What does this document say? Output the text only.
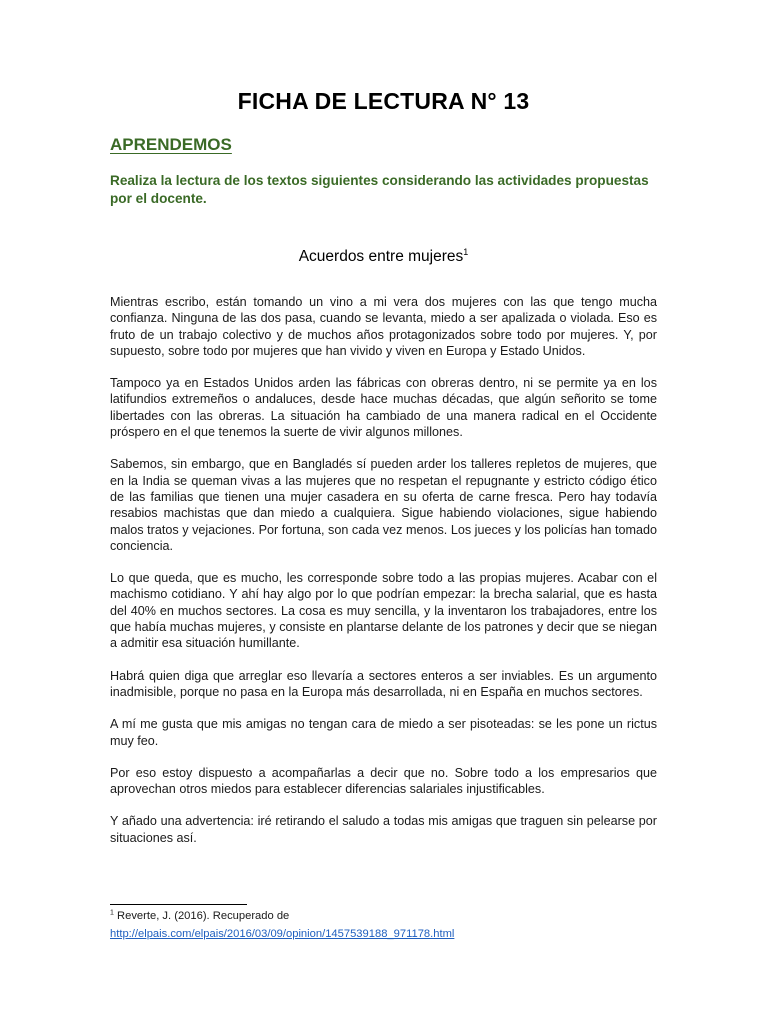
FICHA DE LECTURA N° 13
APRENDEMOS
Realiza la lectura de los textos siguientes considerando las actividades propuestas por el docente.
Acuerdos entre mujeres$^1$

Mientras escribo, están tomando un vino a mi vera dos mujeres con las que tengo mucha confianza. Ninguna de las dos pasa, cuando se levanta, miedo a ser apalizada o violada. Eso es fruto de un trabajo colectivo y de muchos años protagonizados sobre todo por mujeres. Y, por supuesto, sobre todo por mujeres que han vivido y viven en Europa y Estado Unidos.

Tampoco ya en Estados Unidos arden las fábricas con obreras dentro, ni se permite ya en los latifundios extremeños o andaluces, desde hace muchas décadas, que algún señorito se tome libertades con las obreras. La situación ha cambiado de una manera radical en el Occidente próspero en el que tenemos la suerte de vivir algunos millones.

Sabemos, sin embargo, que en Bangladés sí pueden arder los talleres repletos de mujeres, que en la India se queman vivas a las mujeres que no respetan el repugnante y estricto código ético de las familias que tienen una mujer casadera en su oferta de carne fresca. Pero hay todavía resabios machistas que dan miedo a cualquiera. Sigue habiendo violaciones, sigue habiendo malos tratos y vejaciones. Por fortuna, son cada vez menos. Los jueces y los policías han tomado conciencia.

Lo que queda, que es mucho, les corresponde sobre todo a las propias mujeres. Acabar con el machismo cotidiano. Y ahí hay algo por lo que podrían empezar: la brecha salarial, que es hasta del 40% en muchos sectores. La cosa es muy sencilla, y la inventaron los trabajadores, entre los que había muchas mujeres, y consiste en plantarse delante de los patrones y decir que se niegan a admitir esa situación humillante.

Habrá quien diga que arreglar eso llevaría a sectores enteros a ser inviables. Es un argumento inadmisible, porque no pasa en la Europa más desarrollada, ni en España en muchos sectores.

A mí me gusta que mis amigas no tengan cara de miedo a ser pisoteadas: se les pone un rictus muy feo.

Por eso estoy dispuesto a acompañarlas a decir que no. Sobre todo a los empresarios que aprovechan otros miedos para establecer diferencias salariales injustificables.

Y añado una advertencia: iré retirando el saludo a todas mis amigas que traguen sin pelearse por situaciones así.

$^1$ Reverte, J. (2016). Recuperado de
http://elpais.com/elpais/2016/03/09/opinion/1457539188_971178.html
